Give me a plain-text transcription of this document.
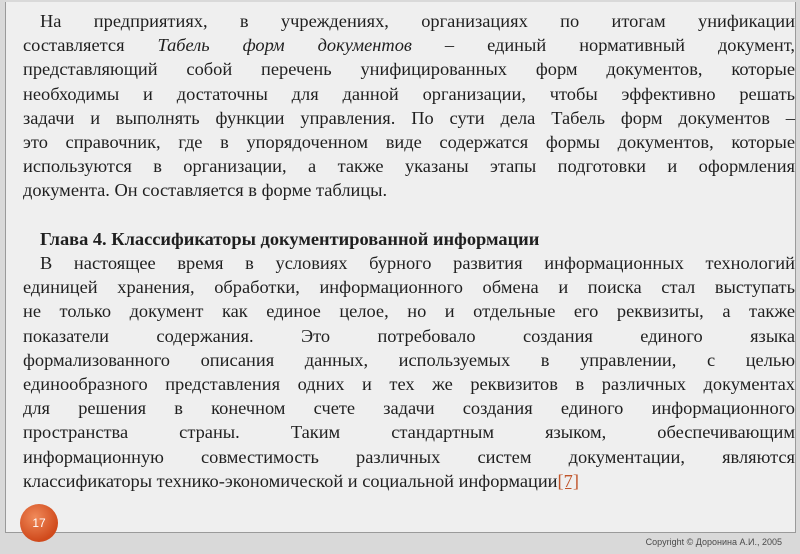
На предприятиях, в учреждениях, организациях по итогам унификации
составляется Табель форм документов – единый нормативный документ,
представляющий собой перечень унифицированных форм документов, которые
необходимы и достаточны для данной организации, чтобы эффективно решать
задачи и выполнять функции управления. По сути дела Табель форм документов –
это справочник, где в упорядоченном виде содержатся формы документов, которые
используются в организации, а также указаны этапы подготовки и оформления
документа. Он составляется в форме таблицы.
Глава 4. Классификаторы документированной информации
В настоящее время в условиях бурного развития информационных технологий
единицей хранения, обработки, информационного обмена и поиска стал выступать
не только документ как единое целое, но и отдельные его реквизиты, а также
показатели содержания. Это потребовало создания единого языка
формализованного описания данных, используемых в управлении, с целью
единообразного представления одних и тех же реквизитов в различных документах
для решения в конечном счете задачи создания единого информационного
пространства страны. Таким стандартным языком, обеспечивающим
информационную совместимость различных систем документации, являются
классификаторы технико-экономической и социальной информации[7]
17
Copyright © Доронина А.И., 2005
